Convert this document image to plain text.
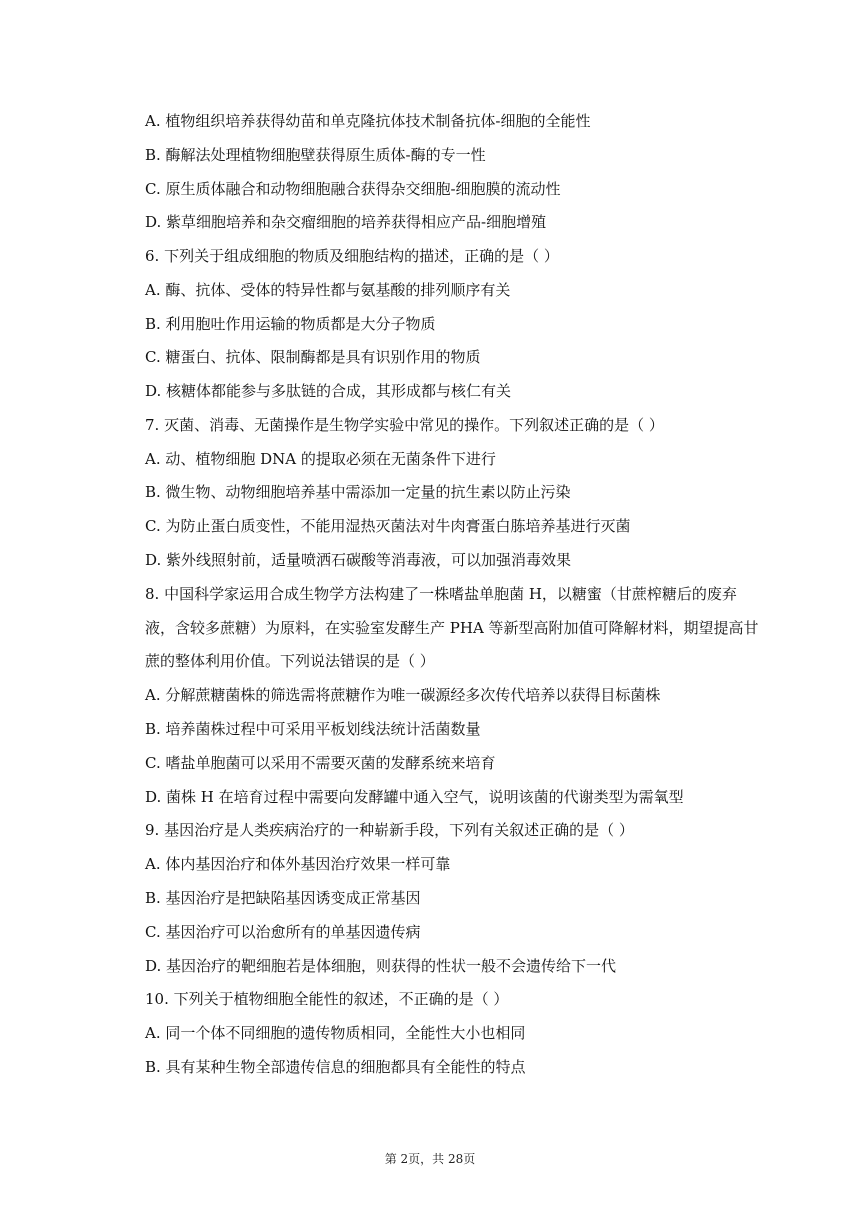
A. 植物组织培养获得幼苗和单克隆抗体技术制备抗体-细胞的全能性
B. 酶解法处理植物细胞壁获得原生质体-酶的专一性
C. 原生质体融合和动物细胞融合获得杂交细胞-细胞膜的流动性
D. 紫草细胞培养和杂交瘤细胞的培养获得相应产品-细胞增殖
6. 下列关于组成细胞的物质及细胞结构的描述，正确的是（ ）
A. 酶、抗体、受体的特异性都与氨基酸的排列顺序有关
B. 利用胞吐作用运输的物质都是大分子物质
C. 糖蛋白、抗体、限制酶都是具有识别作用的物质
D. 核糖体都能参与多肽链的合成，其形成都与核仁有关
7. 灭菌、消毒、无菌操作是生物学实验中常见的操作。下列叙述正确的是（ ）
A. 动、植物细胞 DNA 的提取必须在无菌条件下进行
B. 微生物、动物细胞培养基中需添加一定量的抗生素以防止污染
C. 为防止蛋白质变性，不能用湿热灭菌法对牛肉膏蛋白胨培养基进行灭菌
D. 紫外线照射前，适量喷洒石碳酸等消毒液，可以加强消毒效果
8. 中国科学家运用合成生物学方法构建了一株嗜盐单胞菌 H，以糖蜜（甘蔗榨糖后的废弃
液，含较多蔗糖）为原料，在实验室发酵生产 PHA 等新型高附加值可降解材料，期望提高甘
蔗的整体利用价值。下列说法错误的是（ ）
A. 分解蔗糖菌株的筛选需将蔗糖作为唯一碳源经多次传代培养以获得目标菌株
B. 培养菌株过程中可采用平板划线法统计活菌数量
C. 嗜盐单胞菌可以采用不需要灭菌的发酵系统来培育
D. 菌株 H 在培育过程中需要向发酵罐中通入空气，说明该菌的代谢类型为需氧型
9. 基因治疗是人类疾病治疗的一种崭新手段，下列有关叙述正确的是（ ）
A. 体内基因治疗和体外基因治疗效果一样可靠
B. 基因治疗是把缺陷基因诱变成正常基因
C. 基因治疗可以治愈所有的单基因遗传病
D. 基因治疗的靶细胞若是体细胞，则获得的性状一般不会遗传给下一代
10. 下列关于植物细胞全能性的叙述，不正确的是（ ）
A. 同一个体不同细胞的遗传物质相同，全能性大小也相同
B. 具有某种生物全部遗传信息的细胞都具有全能性的特点
第 2页，共 28页
